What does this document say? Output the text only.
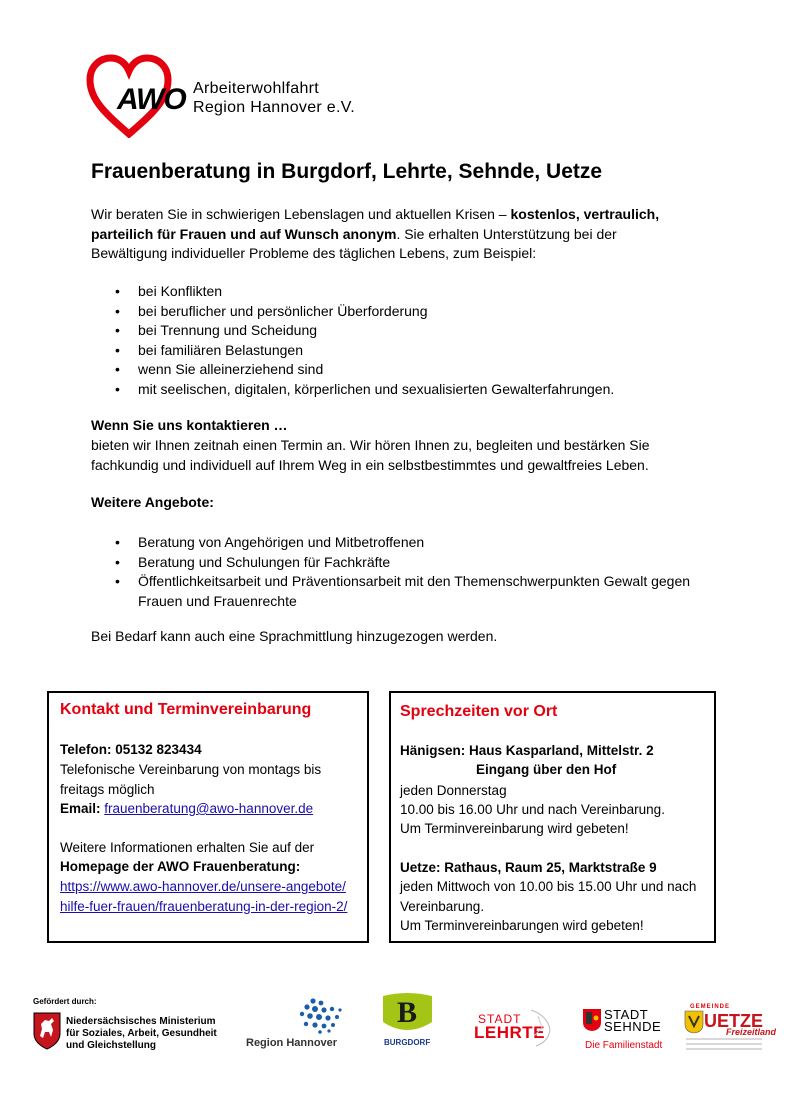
AWO Arbeiterwohlfahrt
Region Hannover e.V.
Frauenberatung in Burgdorf, Lehrte, Sehnde, Uetze
Wir beraten Sie in schwierigen Lebenslagen und aktuellen Krisen – kostenlos, vertraulich, parteilich für Frauen und auf Wunsch anonym. Sie erhalten Unterstützung bei der Bewältigung individueller Probleme des täglichen Lebens, zum Beispiel:
• bei Konflikten
• bei beruflicher und persönlicher Überforderung
• bei Trennung und Scheidung
• bei familiären Belastungen
• wenn Sie alleinerziehend sind
• mit seelischen, digitalen, körperlichen und sexualisierten Gewalterfahrungen.
Wenn Sie uns kontaktieren …
bieten wir Ihnen zeitnah einen Termin an. Wir hören Ihnen zu, begleiten und bestärken Sie fachkundig und individuell auf Ihrem Weg in ein selbstbestimmtes und gewaltfreies Leben.
Weitere Angebote:
• Beratung von Angehörigen und Mitbetroffenen
• Beratung und Schulungen für Fachkräfte
• Öffentlichkeitsarbeit und Präventionsarbeit mit den Themenschwerpunkten Gewalt gegen Frauen und Frauenrechte
Bei Bedarf kann auch eine Sprachmittlung hinzugezogen werden.
Kontakt und Terminvereinbarung
Telefon: 05132 823434
Telefonische Vereinbarung von montags bis freitags möglich
Email: frauenberatung@awo-hannover.de
Weitere Informationen erhalten Sie auf der
Homepage der AWO Frauenberatung:
https://www.awo-hannover.de/unsere-angebote/hilfe-fuer-frauen/frauenberatung-in-der-region-2/
Sprechzeiten vor Ort
Hänigsen: Haus Kasparland, Mittelstr. 2
Eingang über den Hof
jeden Donnerstag
10.00 bis 16.00 Uhr und nach Vereinbarung.
Um Terminvereinbarung wird gebeten!
Uetze: Rathaus, Raum 25, Marktstraße 9
jeden Mittwoch von 10.00 bis 15.00 Uhr und nach Vereinbarung.
Um Terminvereinbarungen wird gebeten!
Gefördert durch:
Niedersächsisches Ministerium
für Soziales, Arbeit, Gesundheit
und Gleichstellung	Region Hannover
B
BURGDORF
STADT
LEHRTE
STADT
SEHNDE
Die Familienstadt
GEMEINDE
UETZE
Freizeitland
